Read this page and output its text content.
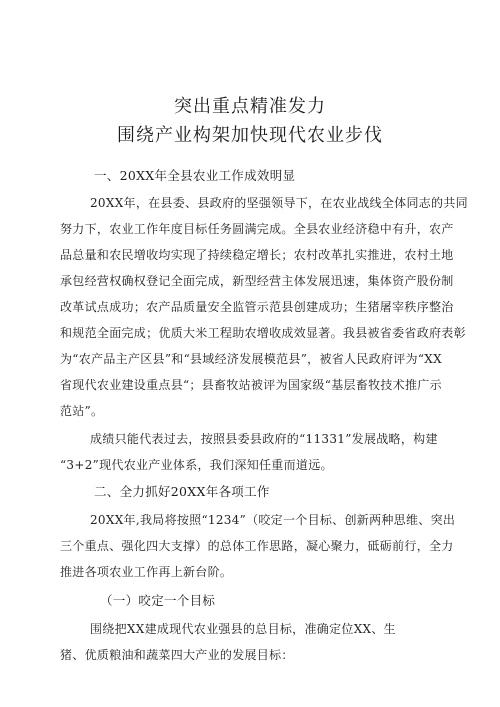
突出重点精准发力
围绕产业构架加快现代农业步伐
一、20XX年全县农业工作成效明显
20XX年，在县委、县政府的坚强领导下，在农业战线全体同志的共同
努力下，农业工作年度目标任务圆满完成。全县农业经济稳中有升，农产
品总量和农民增收均实现了持续稳定增长；农村改革扎实推进，农村土地
承包经营权确权登记全面完成，新型经营主体发展迅速，集体资产股份制
改革试点成功；农产品质量安全监管示范县创建成功；生猪屠宰秩序整治
和规范全面完成；优质大米工程助农增收成效显著。我县被省委省政府表彰
为“农产品主产区县”和“县域经济发展模范县”，被省人民政府评为“XX
省现代农业建设重点县“；县畜牧站被评为国家级“基层畜牧技术推广示
范站”。
成绩只能代表过去，按照县委县政府的“11331”发展战略，构建
“3+2”现代农业产业体系，我们深知任重而道远。
二、全力抓好20XX年各项工作
20XX年,我局将按照“1234”（咬定一个目标、创新两种思维、突出
三个重点、强化四大支撑）的总体工作思路，凝心聚力，砥砺前行，全力
推进各项农业工作再上新台阶。
（一）咬定一个目标
围绕把XX建成现代农业强县的总目标，准确定位XX、生
猪、优质粮油和蔬菜四大产业的发展目标：
